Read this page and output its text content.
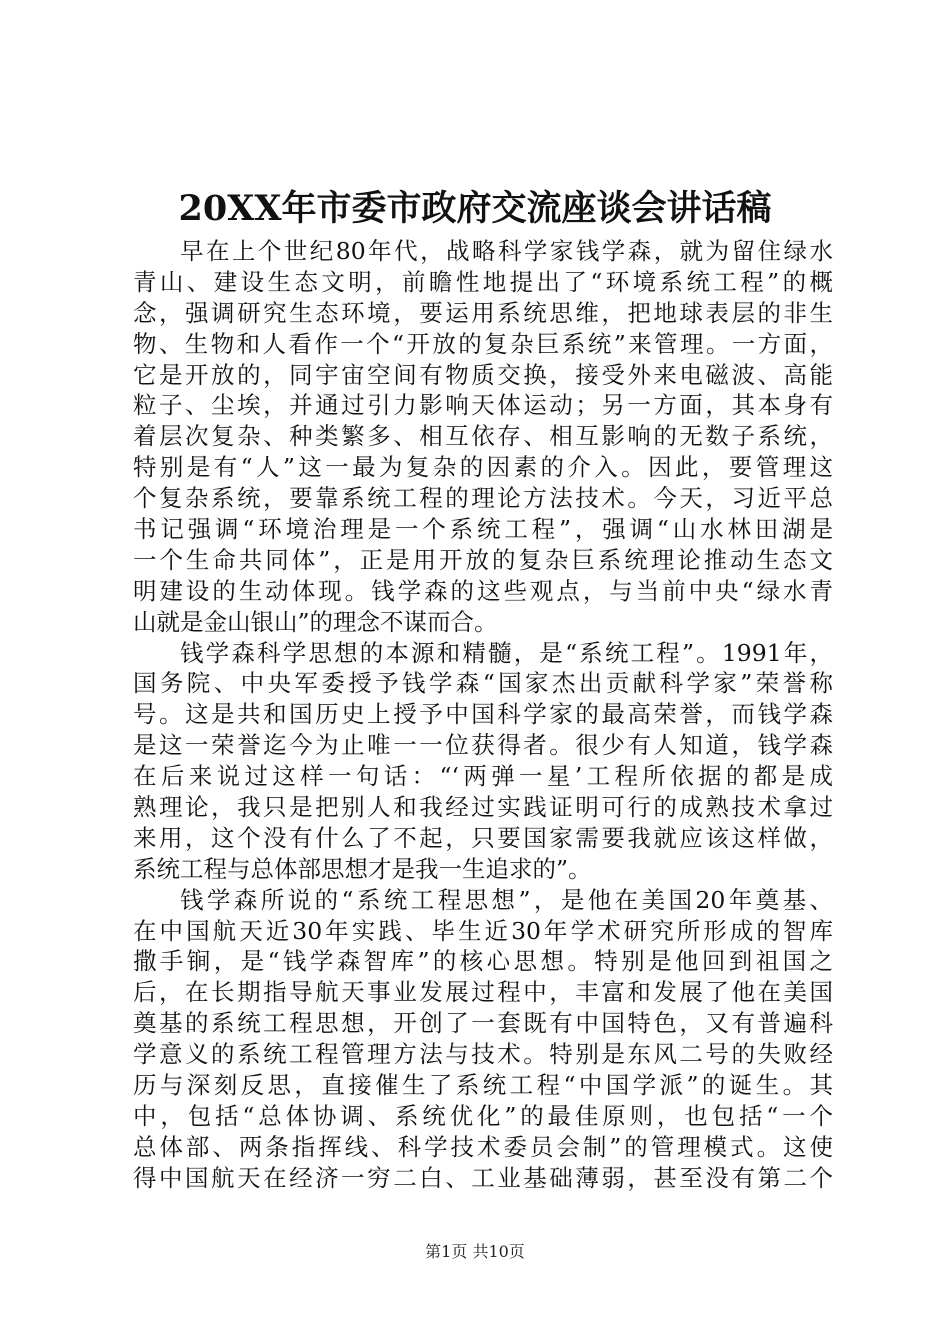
20XX年市委市政府交流座谈会讲话稿
早在上个世纪80年代，战略科学家钱学森，就为留住绿水
青山、建设生态文明，前瞻性地提出了“环境系统工程”的概
念，强调研究生态环境，要运用系统思维，把地球表层的非生
物、生物和人看作一个“开放的复杂巨系统”来管理。一方面，
它是开放的，同宇宙空间有物质交换，接受外来电磁波、高能
粒子、尘埃，并通过引力影响天体运动；另一方面，其本身有
着层次复杂、种类繁多、相互依存、相互影响的无数子系统，
特别是有“人”这一最为复杂的因素的介入。因此，要管理这
个复杂系统，要靠系统工程的理论方法技术。今天，习近平总
书记强调“环境治理是一个系统工程”，强调“山水林田湖是
一个生命共同体”，正是用开放的复杂巨系统理论推动生态文
明建设的生动体现。钱学森的这些观点，与当前中央“绿水青
山就是金山银山”的理念不谋而合。
钱学森科学思想的本源和精髓，是“系统工程”。1991年，
国务院、中央军委授予钱学森“国家杰出贡献科学家”荣誉称
号。这是共和国历史上授予中国科学家的最高荣誉，而钱学森
是这一荣誉迄今为止唯一一位获得者。很少有人知道，钱学森
在后来说过这样一句话：“‘两弹一星’工程所依据的都是成
熟理论，我只是把别人和我经过实践证明可行的成熟技术拿过
来用，这个没有什么了不起，只要国家需要我就应该这样做，
系统工程与总体部思想才是我一生追求的”。
钱学森所说的“系统工程思想”，是他在美国20年奠基、
在中国航天近30年实践、毕生近30年学术研究所形成的智库
撒手锏，是“钱学森智库”的核心思想。特别是他回到祖国之
后，在长期指导航天事业发展过程中，丰富和发展了他在美国
奠基的系统工程思想，开创了一套既有中国特色，又有普遍科
学意义的系统工程管理方法与技术。特别是东风二号的失败经
历与深刻反思，直接催生了系统工程“中国学派”的诞生。其
中，包括“总体协调、系统优化”的最佳原则，也包括“一个
总体部、两条指挥线、科学技术委员会制”的管理模式。这使
得中国航天在经济一穷二白、工业基础薄弱，甚至没有第二个
第1页 共10页
